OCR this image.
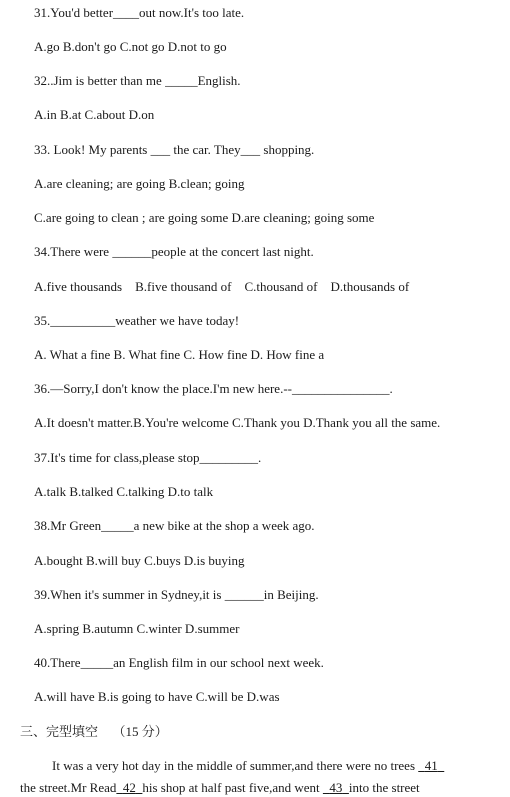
31.You'd better____out now.It's too late.
A.go B.don't go C.not go D.not to go
32..Jim is better than me _____English.
A.in B.at C.about D.on
33. Look! My parents ___ the car. They___ shopping.
A.are cleaning; are going B.clean; going
C.are going to clean ; are going some D.are cleaning; going some
34.There were ______people at the concert last night.
A.five thousands    B.five thousand of    C.thousand of    D.thousands of
35.__________weather we have today!
A. What a fine B. What fine C. How fine D. How fine a
36.—Sorry,I don't know the place.I'm new here.--_______________.
A.It doesn't matter.B.You're welcome C.Thank you D.Thank you all the same.
37.It's time for class,please stop_________.
A.talk B.talked C.talking D.to talk
38.Mr Green_____a new bike at the shop a week ago.
A.bought B.will buy C.buys D.is buying
39.When it's summer in Sydney,it is ______in Beijing.
A.spring B.autumn C.winter D.summer
40.There_____an English film in our school next week.
A.will have B.is going to have C.will be D.was
三、完型填空 （15 分）
It was a very hot day in the middle of summer,and there were no trees   41
the street.Mr Read 42 his shop at half past five,and went   43 into the street
